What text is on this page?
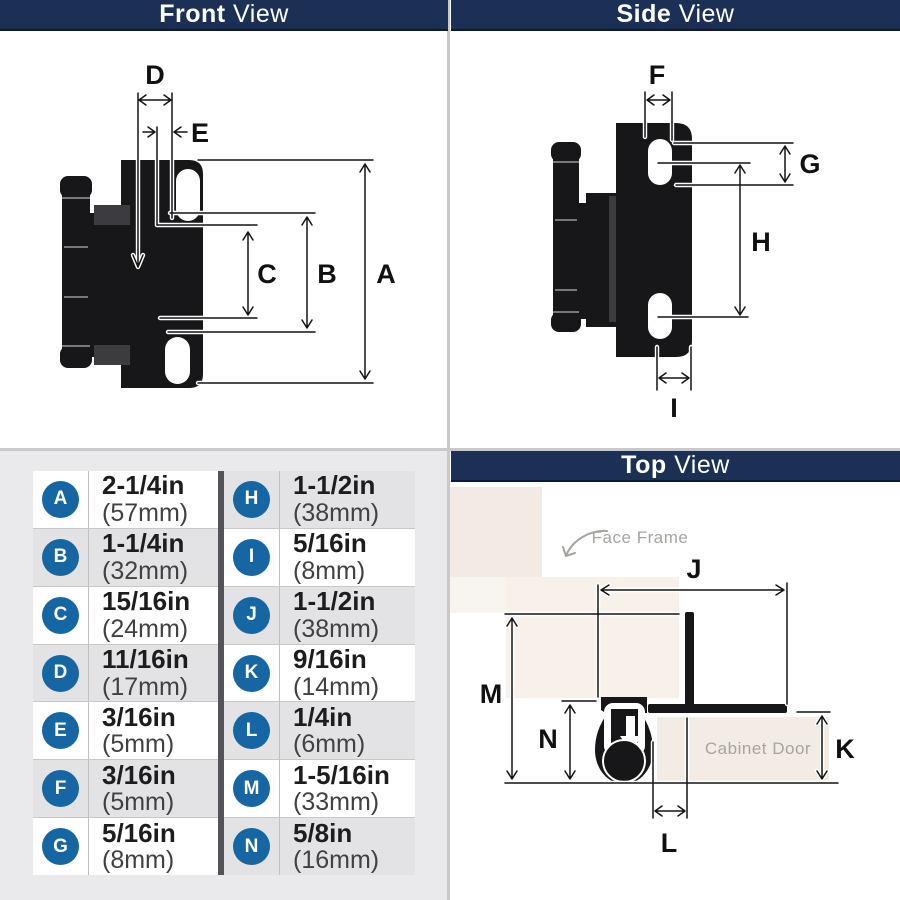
Front View	Side View
Top View
D
E
C B A
F
G
H
I
A	2-1/4in
(57mm)
B	1-1/4in
(32mm)
C	15/16in
(24mm)
D	11/16in
(17mm)
E	3/16in
(5mm)
F	3/16in
(5mm)
G	5/16in
(8mm)
H	1-1/2in
(38mm)
I	5/16in
(8mm)
J	1-1/2in
(38mm)
K	9/16in
(14mm)
L	1/4in
(6mm)
M	1-5/16in
(33mm)
N	5/8in
(16mm)
Face Frame
Cabinet Door
J
M
N	K
L
